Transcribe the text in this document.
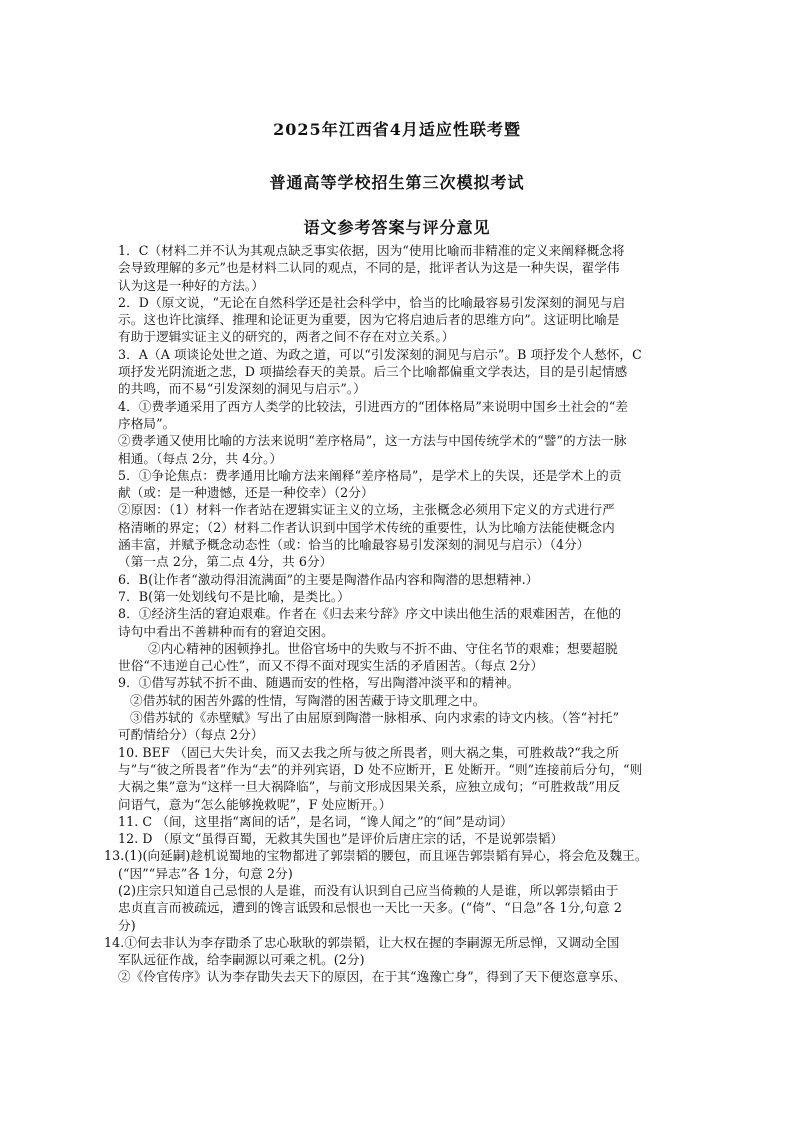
2025年江西省4月适应性联考暨
普通高等学校招生第三次模拟考试
语文参考答案与评分意见
1．C（材料二并不认为其观点缺乏事实依据，因为“使用比喻而非精准的定义来阐释概念将
会导致理解的多元”也是材料二认同的观点，不同的是，批评者认为这是一种失误，翟学伟
认为这是一种好的方法。）
2．D（原文说，“无论在自然科学还是社会科学中，恰当的比喻最容易引发深刻的洞见与启
示。这也许比演绎、推理和论证更为重要，因为它将启迪后者的思维方向”。这证明比喻是
有助于逻辑实证主义的研究的，两者之间不存在对立关系。）
3．A（A 项谈论处世之道、为政之道，可以“引发深刻的洞见与启示”。B 项抒发个人愁怀，C
项抒发光阴流逝之悲，D 项描绘春天的美景。后三个比喻都偏重文学表达，目的是引起情感
的共鸣，而不易“引发深刻的洞见与启示”。）
4．①费孝通采用了西方人类学的比较法，引进西方的“团体格局”来说明中国乡土社会的“差
序格局”。
②费孝通又使用比喻的方法来说明“差序格局”，这一方法与中国传统学术的“譬”的方法一脉
相通。（每点 2分，共 4分。）
5．①争论焦点：费孝通用比喻方法来阐释“差序格局”，是学术上的失误，还是学术上的贡
献（或：是一种遗憾，还是一种佼幸）（2分）
②原因：（1）材料一作者站在逻辑实证主义的立场，主张概念必须用下定义的方式进行严
格清晰的界定；（2）材料二作者认识到中国学术传统的重要性，认为比喻方法能使概念内
涵丰富，并赋予概念动态性（或：恰当的比喻最容易引发深刻的洞见与启示）（4分）
（第一点 2分，第二点 4分，共 6分）
6．B(让作者“激动得泪流满面”的主要是陶潜作品内容和陶潜的思想精神.）
7．B(第一处划线句不是比喻，是类比。）
8．①经济生活的窘迫艰难。作者在《归去来兮辞》序文中读出他生活的艰难困苦，在他的
诗句中看出不善耕种而有的窘迫交困。
②内心精神的困顿挣扎。世俗官场中的失败与不折不曲、守住名节的艰难；想要超脱
世俗“不违逆自己心性”，而又不得不面对现实生活的矛盾困苦。（每点 2分）
9．①借写苏轼不折不曲、随遇而安的性格，写出陶潜冲淡平和的精神。
②借苏轼的困苦外露的性情，写陶潜的困苦藏于诗文肌理之中。
③借苏轼的《赤壁赋》写出了由屈原到陶潜一脉相承、向内求索的诗文内核。（答“衬托”
可酌情给分）（每点 2分）
10. BEF （固已大失计矣，而又去我之所与彼之所畏者，则大祸之集，可胜救哉?“我之所
与”与“彼之所畏者”作为“去”的并列宾语，D 处不应断开，E 处断开。“则”连接前后分句，“则
大祸之集”意为“这样一旦大祸降临”，与前文形成因果关系，应独立成句；“可胜救哉”用反
问语气，意为“怎么能够挽救呢”，F 处应断开。）
11. C （间，这里指“离间的话”，是名词，“谗人闻之”的“间”是动词）
12. D （原文“虽得百蜀，无救其失国也”是评价后唐庄宗的话，不是说郭崇韬）
13.(1)(向延嗣)趁机说蜀地的宝物都进了郭崇韬的腰包，而且诬告郭崇韬有异心，将会危及魏王。
(“因”“异志”各 1分，句意 2分)
(2)庄宗只知道自己忌恨的人是谁，而没有认识到自己应当倚赖的人是谁，所以郭崇韬由于
忠贞直言而被疏远，遭到的馋言诋毁和忌恨也一天比一天多。(“倚”、“日急”各 1分,句意 2
分)
14.①何去非认为李存勖杀了忠心耿耿的郭崇韬，让大权在握的李嗣源无所忌惮，又调动全国
军队远征作战，给李嗣源以可乘之机。(2分)
②《伶官传序》认为李存勖失去天下的原因，在于其“逸豫亡身”，得到了天下便恣意享乐、
